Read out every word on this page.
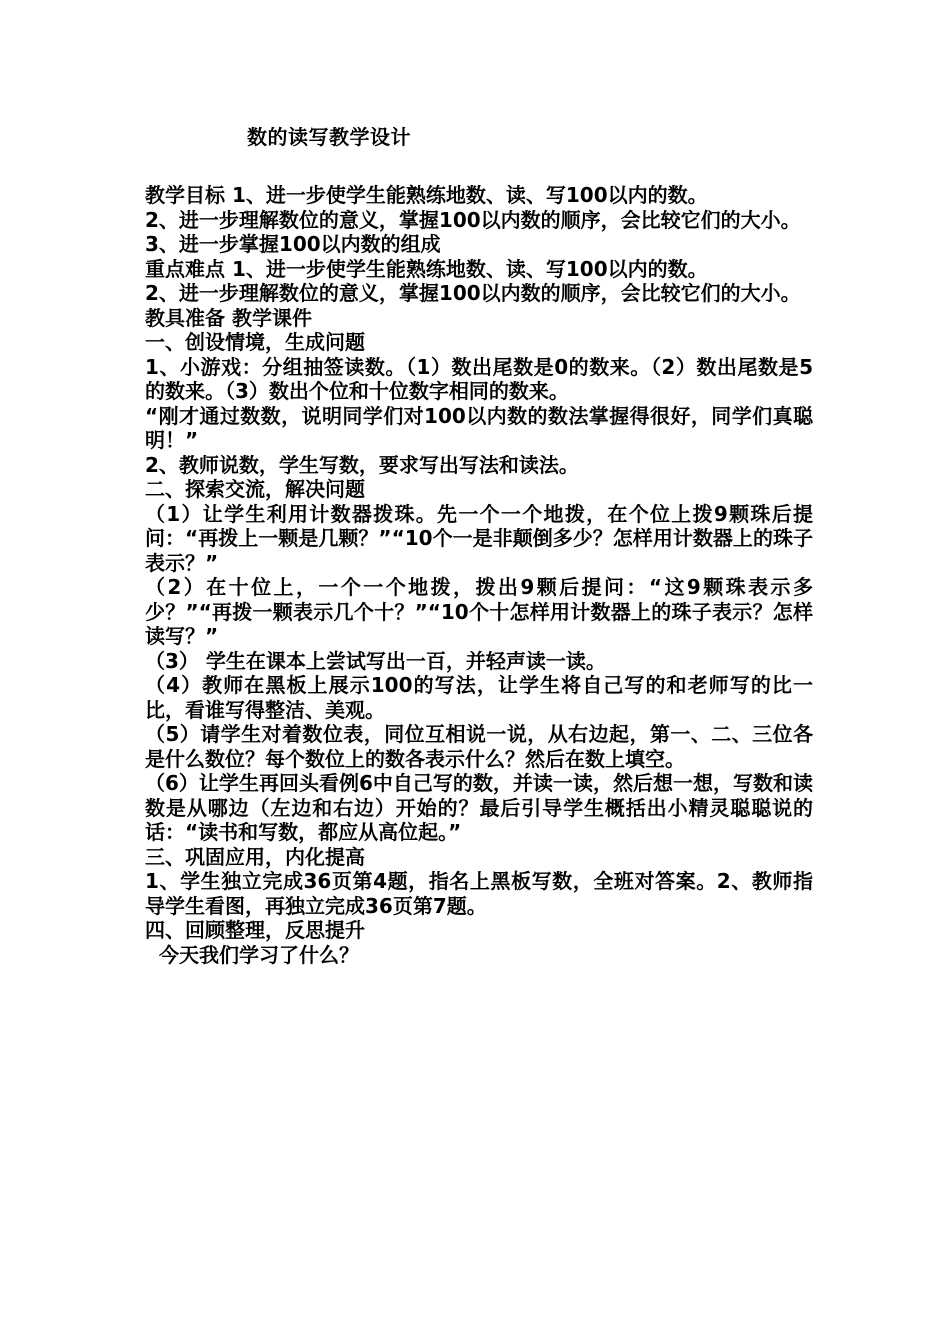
数的读写教学设计

教学目标 1、进一步使学生能熟练地数、读、写100以内的数。

2、进一步理解数位的意义，掌握100以内数的顺序，会比较它们的大小。

3、进一步掌握100以内数的组成

重点难点 1、进一步使学生能熟练地数、读、写100以内的数。

2、进一步理解数位的意义，掌握100以内数的顺序，会比较它们的大小。

教具准备 教学课件

一、创设情境，生成问题

1、小游戏：分组抽签读数。（1）数出尾数是0的数来。（2）数出尾数是5的数来。（3）数出个位和十位数字相同的数来。

“刚才通过数数，说明同学们对100以内数的数法掌握得很好，同学们真聪明！”

2、教师说数，学生写数，要求写出写法和读法。

二、探索交流，解决问题

（1）让学生利用计数器拨珠。先一个一个地拨，在个位上拨9颗珠后提问：“再拨上一颗是几颗？”“10个一是非颠倒多少？怎样用计数器上的珠子表示？”

（2）在十位上，一个一个地拨，拨出9颗后提问：“这9颗珠表示多少？”“再拨一颗表示几个十？”“10个十怎样用计数器上的珠子表示？怎样读写？”

（3） 学生在课本上尝试写出一百，并轻声读一读。

（4）教师在黑板上展示100的写法，让学生将自己写的和老师写的比一比，看谁写得整洁、美观。

（5）请学生对着数位表，同位互相说一说，从右边起，第一、二、三位各是什么数位？每个数位上的数各表示什么？然后在数上填空。

（6）让学生再回头看例6中自己写的数，并读一读，然后想一想，写数和读数是从哪边（左边和右边）开始的？最后引导学生概括出小精灵聪聪说的话：“读书和写数，都应从高位起。”

三、巩固应用，内化提高

1、学生独立完成36页第4题，指名上黑板写数，全班对答案。2、教师指导学生看图，再独立完成36页第7题。

四、回顾整理，反思提升

今天我们学习了什么？
